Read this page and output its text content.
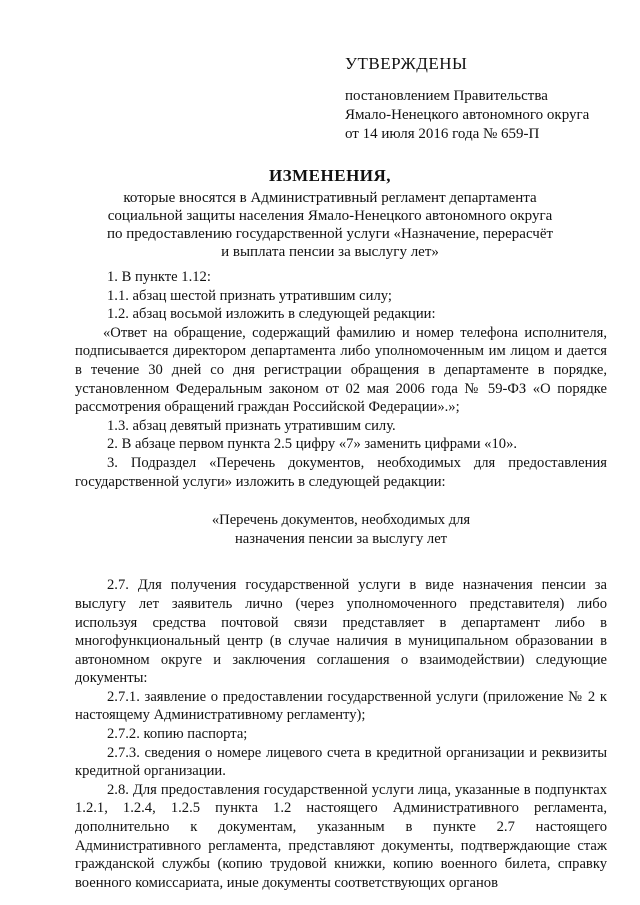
УТВЕРЖДЕНЫ
постановлением Правительства
Ямало-Ненецкого автономного округа
от 14 июля 2016 года № 659-П
ИЗМЕНЕНИЯ,
которые вносятся в Административный регламент департамента
социальной защиты населения Ямало-Ненецкого автономного округа
по предоставлению государственной услуги «Назначение, перерасчёт
и выплата пенсии за выслугу лет»

1. В пункте 1.12:

1.1. абзац шестой признать утратившим силу;

1.2. абзац восьмой изложить в следующей редакции:

«Ответ на обращение, содержащий фамилию и номер телефона исполнителя, подписывается директором департамента либо уполномоченным им лицом и дается в течение 30 дней со дня регистрации обращения в департаменте в порядке, установленном Федеральным законом от 02 мая 2006 года № 59-ФЗ «О порядке рассмотрения обращений граждан Российской Федерации».»;

1.3. абзац девятый признать утратившим силу.

2. В абзаце первом пункта 2.5 цифру «7» заменить цифрами «10».

3. Подраздел «Перечень документов, необходимых для предоставления государственной услуги» изложить в следующей редакции:

«Перечень документов, необходимых для
назначения пенсии за выслугу лет

2.7. Для получения государственной услуги в виде назначения пенсии за выслугу лет заявитель лично (через уполномоченного представителя) либо используя средства почтовой связи представляет в департамент либо в многофункциональный центр (в случае наличия в муниципальном образовании в автономном округе и заключения соглашения о взаимодействии) следующие документы:

2.7.1. заявление о предоставлении государственной услуги (приложение № 2 к настоящему Административному регламенту);

2.7.2. копию паспорта;

2.7.3. сведения о номере лицевого счета в кредитной организации и реквизиты кредитной организации.

2.8. Для предоставления государственной услуги лица, указанные в подпунктах 1.2.1, 1.2.4, 1.2.5 пункта 1.2 настоящего Административного регламента, дополнительно к документам, указанным в пункте 2.7 настоящего Административного регламента, представляют документы, подтверждающие стаж гражданской службы (копию трудовой книжки, копию военного билета, справку военного комиссариата, иные документы соответствующих органов
